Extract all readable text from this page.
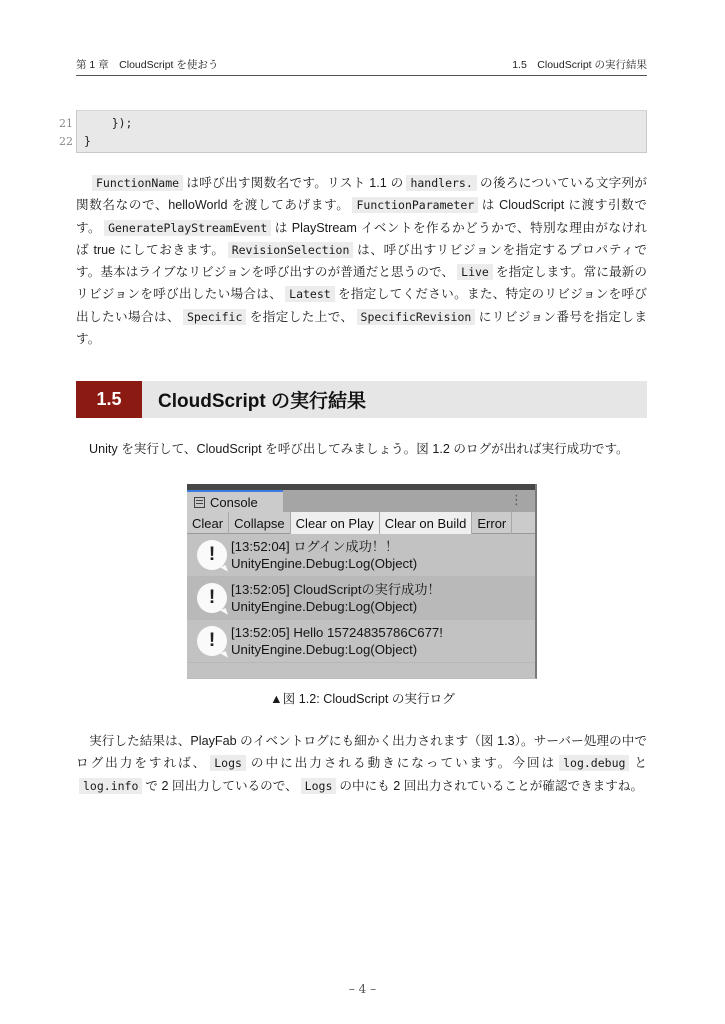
第 1 章　CloudScript を使おう	1.5　CloudScript の実行結果
21 });
22 }

FunctionName は呼び出す関数名です。リスト 1.1 の handlers. の後ろについている文字列が関数名なので、helloWorld を渡してあげます。 FunctionParameter は CloudScript に渡す引数です。 GeneratePlayStreamEvent は PlayStream イベントを作るかどうかで、特別な理由がなければ true にしておきます。 RevisionSelection は、呼び出すリビジョンを指定するプロパティです。基本はライブなリビジョンを呼び出すのが普通だと思うので、 Live を指定します。常に最新のリビジョンを呼び出したい場合は、 Latest を指定してください。また、特定のリビジョンを呼び出したい場合は、 Specific を指定した上で、 SpecificRevision にリビジョン番号を指定します。

1.5	CloudScript の実行結果

Unity を実行して、CloudScript を呼び出してみましょう。図 1.2 のログが出れば実行成功です。

Console	⋮
Clear Collapse Clear on Play Clear on Build Error
!	[13:52:04] ログイン成功！！
UnityEngine.Debug:Log(Object)
!	[13:52:05] CloudScriptの実行成功！
UnityEngine.Debug:Log(Object)
!	[13:52:05] Hello 15724835786C677!
UnityEngine.Debug:Log(Object)
▲図 1.2: CloudScript の実行ログ

実行した結果は、PlayFab のイベントログにも細かく出力されます（図 1.3）。サーバー処理の中でログ出力をすれば、 Logs の中に出力される動きになっています。今回は log.debug とlog.info で 2 回出力しているので、 Logs の中にも 2 回出力されていることが確認できますね。

– 4 –
